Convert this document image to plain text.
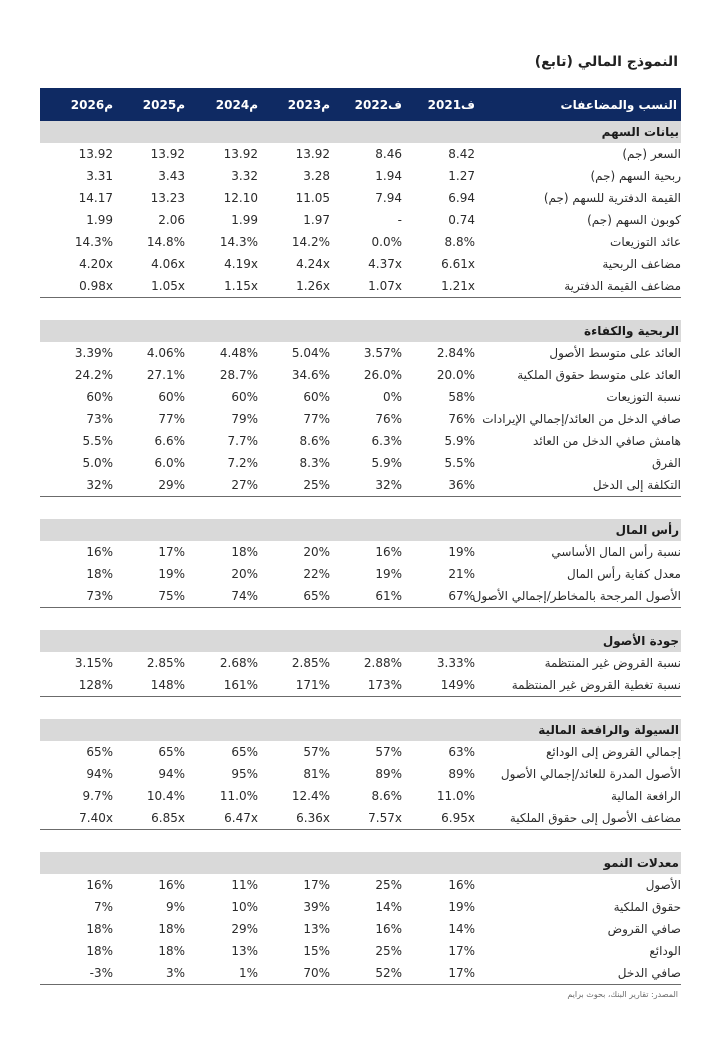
النموذج المالي (تابع)
النسب والمضاعفات
2021ف
2022ف
2023م
2024م
2025م
2026م
بيانات السهم
السعر (جم)
8.42
8.46
13.92
13.92
13.92
13.92
ربحية السهم (جم)
1.27
1.94
3.28
3.32
3.43
3.31
القيمة الدفترية للسهم (جم)
6.94
7.94
11.05
12.10
13.23
14.17
كوبون السهم (جم)
0.74
-
1.97
1.99
2.06
1.99
عائد التوزيعات
8.8%
0.0%
14.2%
14.3%
14.8%
14.3%
مضاعف الربحية
6.61x
4.37x
4.24x
4.19x
4.06x
4.20x
مضاعف القيمة الدفترية
1.21x
1.07x
1.26x
1.15x
1.05x
0.98x
الربحية والكفاءة
العائد على متوسط الأصول
2.84%
3.57%
5.04%
4.48%
4.06%
3.39%
العائد على متوسط حقوق الملكية
20.0%
26.0%
34.6%
28.7%
27.1%
24.2%
نسبة التوزيعات
58%
0%
60%
60%
60%
60%
صافي الدخل من العائد/إجمالي الإيرادات
76%
76%
77%
79%
77%
73%
هامش صافي الدخل من العائد
5.9%
6.3%
8.6%
7.7%
6.6%
5.5%
الفرق
5.5%
5.9%
8.3%
7.2%
6.0%
5.0%
التكلفة إلى الدخل
36%
32%
25%
27%
29%
32%
رأس المال
نسبة رأس المال الأساسي
19%
16%
20%
18%
17%
16%
معدل كفاية رأس المال
21%
19%
22%
20%
19%
18%
الأصول المرجحة بالمخاطر/إجمالي الأصول
67%
61%
65%
74%
75%
73%
جودة الأصول
نسبة القروض غير المنتظمة
3.33%
2.88%
2.85%
2.68%
2.85%
3.15%
نسبة تغطية القروض غير المنتظمة
149%
173%
171%
161%
148%
128%
السيولة والرافعة المالية
إجمالي القروض إلى الودائع
63%
57%
57%
65%
65%
65%
الأصول المدرة للعائد/إجمالي الأصول
89%
89%
81%
95%
94%
94%
الرافعة المالية
11.0%
8.6%
12.4%
11.0%
10.4%
9.7%
مضاعف الأصول إلى حقوق الملكية
6.95x
7.57x
6.36x
6.47x
6.85x
7.40x
معدلات النمو
الأصول
16%
25%
17%
11%
16%
16%
حقوق الملكية
19%
14%
39%
10%
9%
7%
صافي القروض
14%
16%
13%
29%
18%
18%
الودائع
17%
25%
15%
13%
18%
18%
صافي الدخل
17%
52%
70%
1%
3%
-3%
المصدر: تقارير البنك، بحوث برايم
